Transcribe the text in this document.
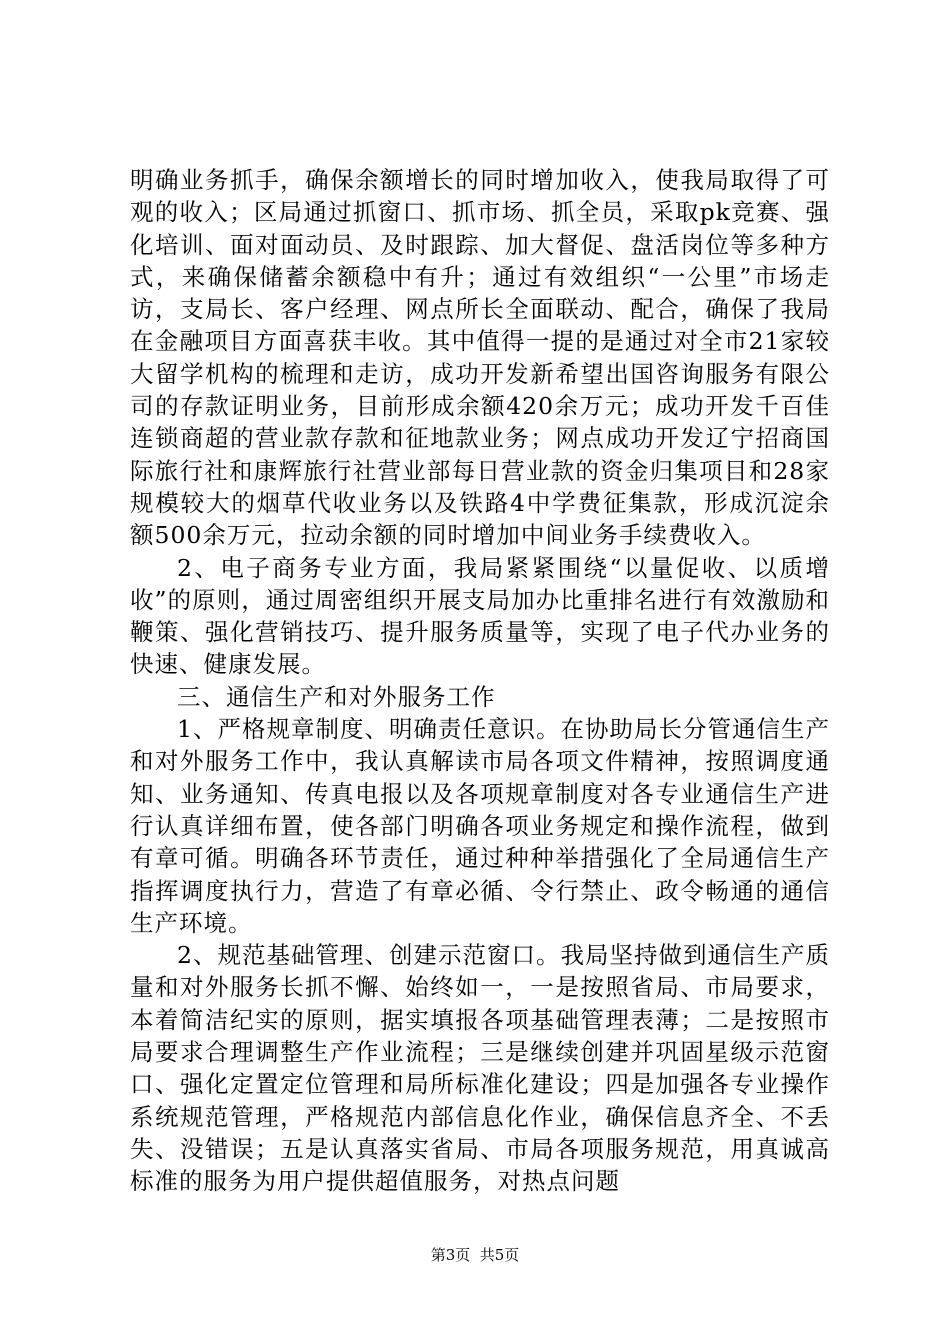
明确业务抓手，确保余额增长的同时增加收入，使我局取得了可观的收入；区局通过抓窗口、抓市场、抓全员，采取pk竞赛、强化培训、面对面动员、及时跟踪、加大督促、盘活岗位等多种方式，来确保储蓄余额稳中有升；通过有效组织“一公里”市场走访，支局长、客户经理、网点所长全面联动、配合，确保了我局在金融项目方面喜获丰收。其中值得一提的是通过对全市21家较大留学机构的梳理和走访，成功开发新希望出国咨询服务有限公司的存款证明业务，目前形成余额420余万元；成功开发千百佳连锁商超的营业款存款和征地款业务；网点成功开发辽宁招商国际旅行社和康辉旅行社营业部每日营业款的资金归集项目和28家规模较大的烟草代收业务以及铁路4中学费征集款，形成沉淀余额500余万元，拉动余额的同时增加中间业务手续费收入。

2、电子商务专业方面，我局紧紧围绕“以量促收、以质增收”的原则，通过周密组织开展支局加办比重排名进行有效激励和鞭策、强化营销技巧、提升服务质量等，实现了电子代办业务的快速、健康发展。

三、通信生产和对外服务工作

1、严格规章制度、明确责任意识。在协助局长分管通信生产和对外服务工作中，我认真解读市局各项文件精神，按照调度通知、业务通知、传真电报以及各项规章制度对各专业通信生产进行认真详细布置，使各部门明确各项业务规定和操作流程，做到有章可循。明确各环节责任，通过种种举措强化了全局通信生产指挥调度执行力，营造了有章必循、令行禁止、政令畅通的通信生产环境。

2、规范基础管理、创建示范窗口。我局坚持做到通信生产质量和对外服务长抓不懈、始终如一，一是按照省局、市局要求，本着简洁纪实的原则，据实填报各项基础管理表薄；二是按照市局要求合理调整生产作业流程；三是继续创建并巩固星级示范窗口、强化定置定位管理和局所标准化建设；四是加强各专业操作系统规范管理，严格规范内部信息化作业，确保信息齐全、不丢失、没错误；五是认真落实省局、市局各项服务规范，用真诚高标准的服务为用户提供超值服务，对热点问题

第3页  共5页
